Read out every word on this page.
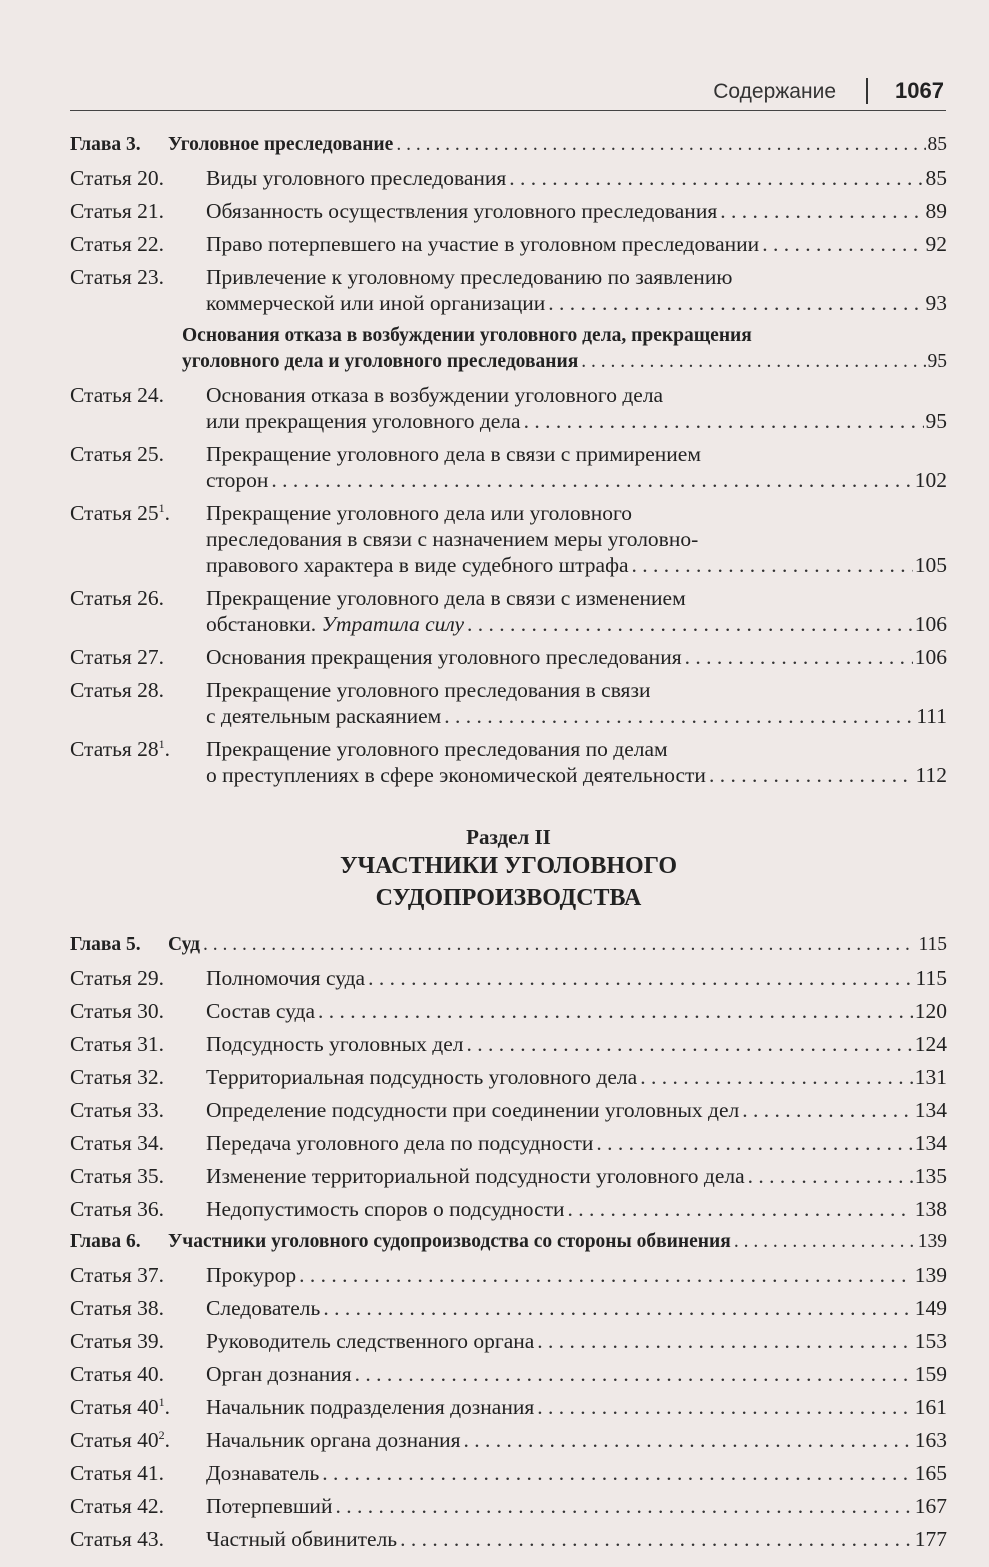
Содержание	1067
Глава 3.	Уголовное преследование . . .	85
Статья 20.	Виды уголовного преследования . . .	85
Статья 21.	Обязанность осуществления уголовного преследования . . .	89
Статья 22.	Право потерпевшего на участие в уголовном преследовании . . .	92
Статья 23.	Привлечение к уголовному преследованию по заявлению
коммерческой или иной организации . . .	93
Основания отказа в возбуждении уголовного дела, прекращения
уголовного дела и уголовного преследования . . .	95
Статья 24.	Основания отказа в возбуждении уголовного дела
или прекращения уголовного дела . . .	95
Статья 25.	Прекращение уголовного дела в связи с примирением
сторон . . .	102
Статья $25^1$.	Прекращение уголовного дела или уголовного
преследования в связи с назначением меры уголовно-
правового характера в виде судебного штрафа . . .	105
Статья 26.	Прекращение уголовного дела в связи с изменением
обстановки. Утратила силу . . .	106
Статья 27.	Основания прекращения уголовного преследования . . .	106
Статья 28.	Прекращение уголовного преследования в связи
с деятельным раскаянием . . .	111
Статья $28^1$.	Прекращение уголовного преследования по делам
о преступлениях в сфере экономической деятельности . . .	112
Раздел II
УЧАСТНИКИ УГОЛОВНОГО
СУДОПРОИЗВОДСТВА
Глава 5.	Суд . . .	115
Статья 29.	Полномочия суда . . .	115
Статья 30.	Состав суда . . .	120
Статья 31.	Подсудность уголовных дел . . .	124
Статья 32.	Территориальная подсудность уголовного дела . . .	131
Статья 33.	Определение подсудности при соединении уголовных дел . . .	134
Статья 34.	Передача уголовного дела по подсудности . . .	134
Статья 35.	Изменение территориальной подсудности уголовного дела . . .	135
Статья 36.	Недопустимость споров о подсудности . . .	138
Глава 6.	Участники уголовного судопроизводства со стороны обвинения . . .	139
Статья 37.	Прокурор . . .	139
Статья 38.	Следователь . . .	149
Статья 39.	Руководитель следственного органа . . .	153
Статья 40.	Орган дознания . . .	159
Статья $40^1$.	Начальник подразделения дознания . . .	161
Статья $40^2$.	Начальник органа дознания . . .	163
Статья 41.	Дознаватель . . .	165
Статья 42.	Потерпевший . . .	167
Статья 43.	Частный обвинитель . . .	177
